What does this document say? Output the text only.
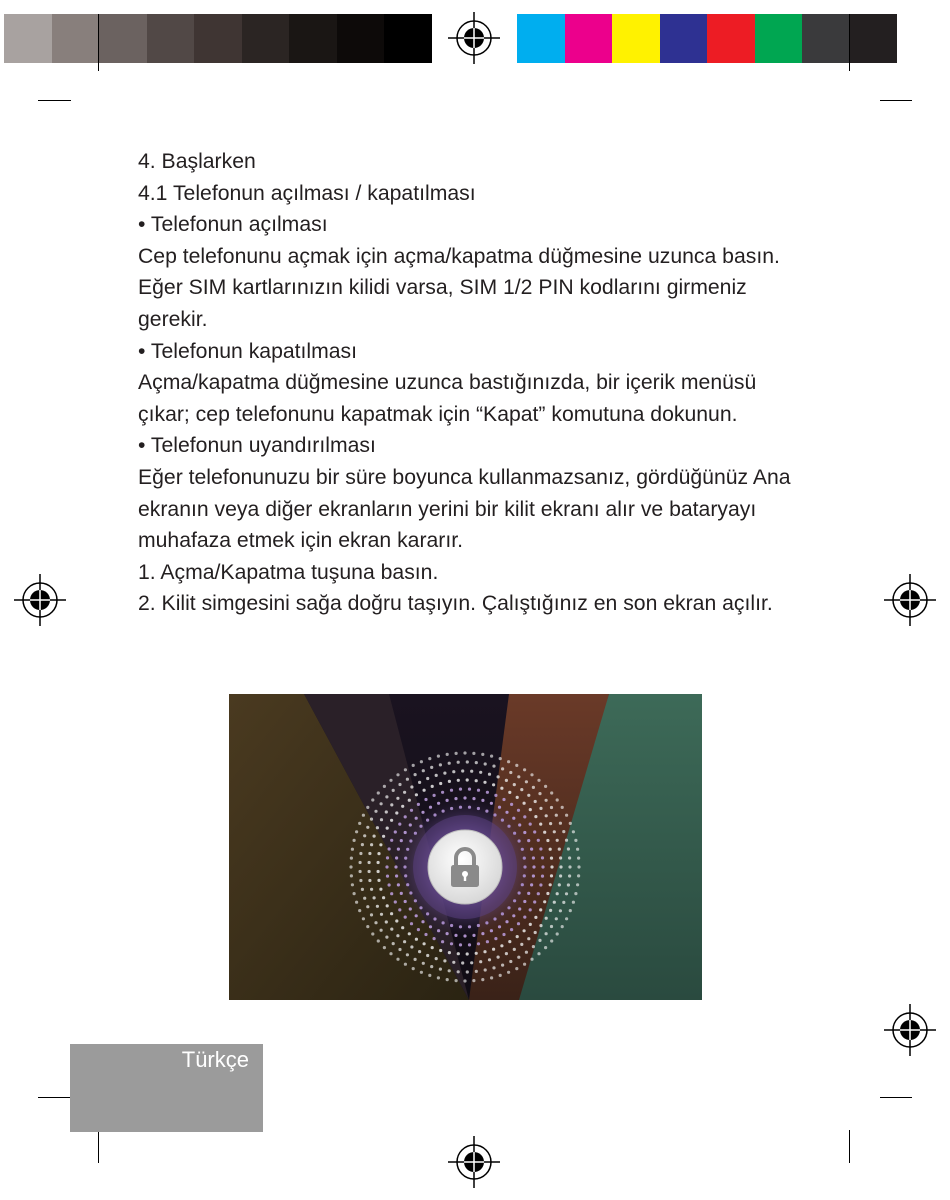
4. Başlarken

4.1 Telefonun açılması / kapatılması

• Telefonun açılması

Cep telefonunu açmak için açma/kapatma düğmesine uzunca basın. Eğer SIM kartlarınızın kilidi varsa, SIM 1/2 PIN kodlarını girmeniz gerekir.

• Telefonun kapatılması

Açma/kapatma düğmesine uzunca bastığınızda, bir içerik menüsü çıkar; cep telefonunu kapatmak için “Kapat” komutuna dokunun.

• Telefonun uyandırılması

Eğer telefonunuzu bir süre boyunca kullanmazsanız, gördüğünüz Ana ekranın veya diğer ekranların yerini bir kilit ekranı alır ve bataryayı muhafaza etmek için ekran kararır.

1. Açma/Kapatma tuşuna basın.

2. Kilit simgesini sağa doğru taşıyın. Çalıştığınız en son ekran açılır.

Türkçe
